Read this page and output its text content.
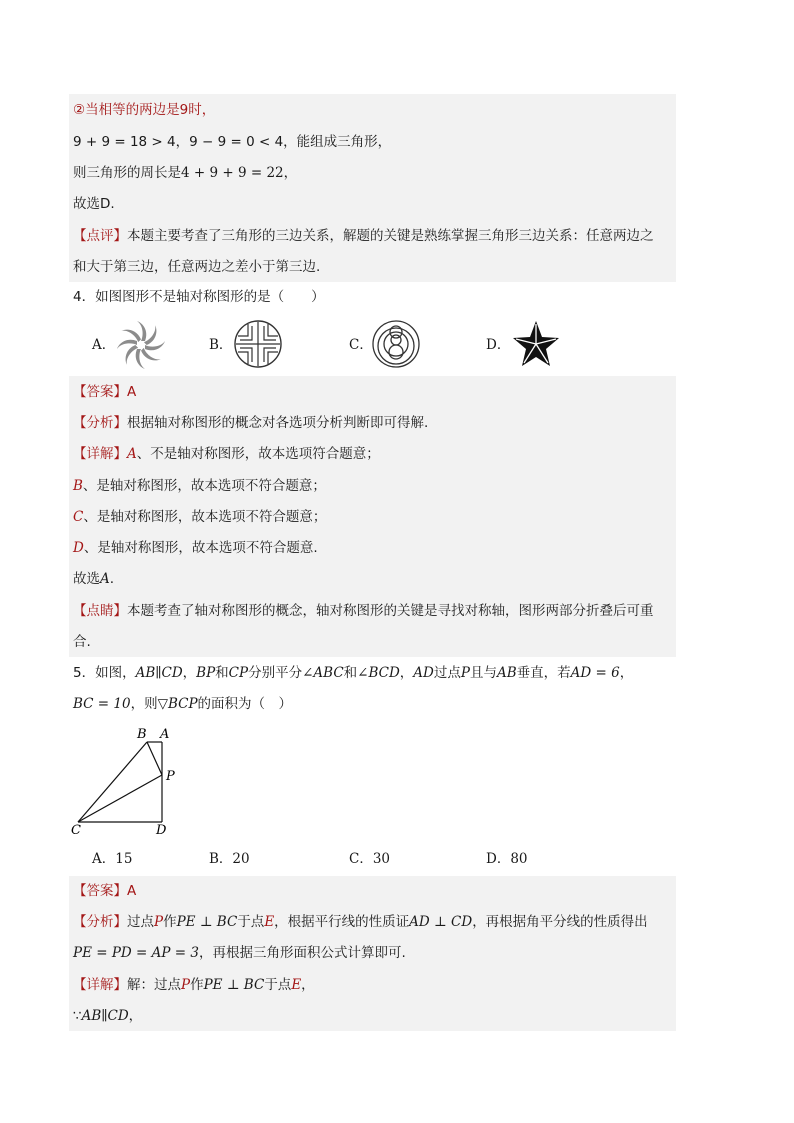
②当相等的两边是9时，
9 + 9 = 18 > 4，9 − 9 = 0 < 4，能组成三角形，
则三角形的周长是4 + 9 + 9 = 22，
故选D.
【点评】本题主要考查了三角形的三边关系，解题的关键是熟练掌握三角形三边关系：任意两边之
和大于第三边，任意两边之差小于第三边.
4．如图图形不是轴对称图形的是（　　）
A．	B．	C．	D．
【答案】A
【分析】根据轴对称图形的概念对各选项分析判断即可得解.
【详解】A、不是轴对称图形，故本选项符合题意；
B、是轴对称图形，故本选项不符合题意；
C、是轴对称图形，故本选项不符合题意；
D、是轴对称图形，故本选项不符合题意.
故选A.
【点睛】本题考查了轴对称图形的概念，轴对称图形的关键是寻找对称轴，图形两部分折叠后可重
合.
5．如图，AB∥CD，BP和CP分别平分∠ABC和∠BCD，AD过点P且与AB垂直，若AD = 6，
BC = 10，则▽BCP的面积为（　）
B A
P
C	D
A．15	B．20	C．30	D．80
【答案】A
【分析】过点P作PE ⊥ BC于点E，根据平行线的性质证AD ⊥ CD，再根据角平分线的性质得出
PE = PD = AP = 3，再根据三角形面积公式计算即可.
【详解】解：过点P作PE ⊥ BC于点E，
∵AB∥CD，
